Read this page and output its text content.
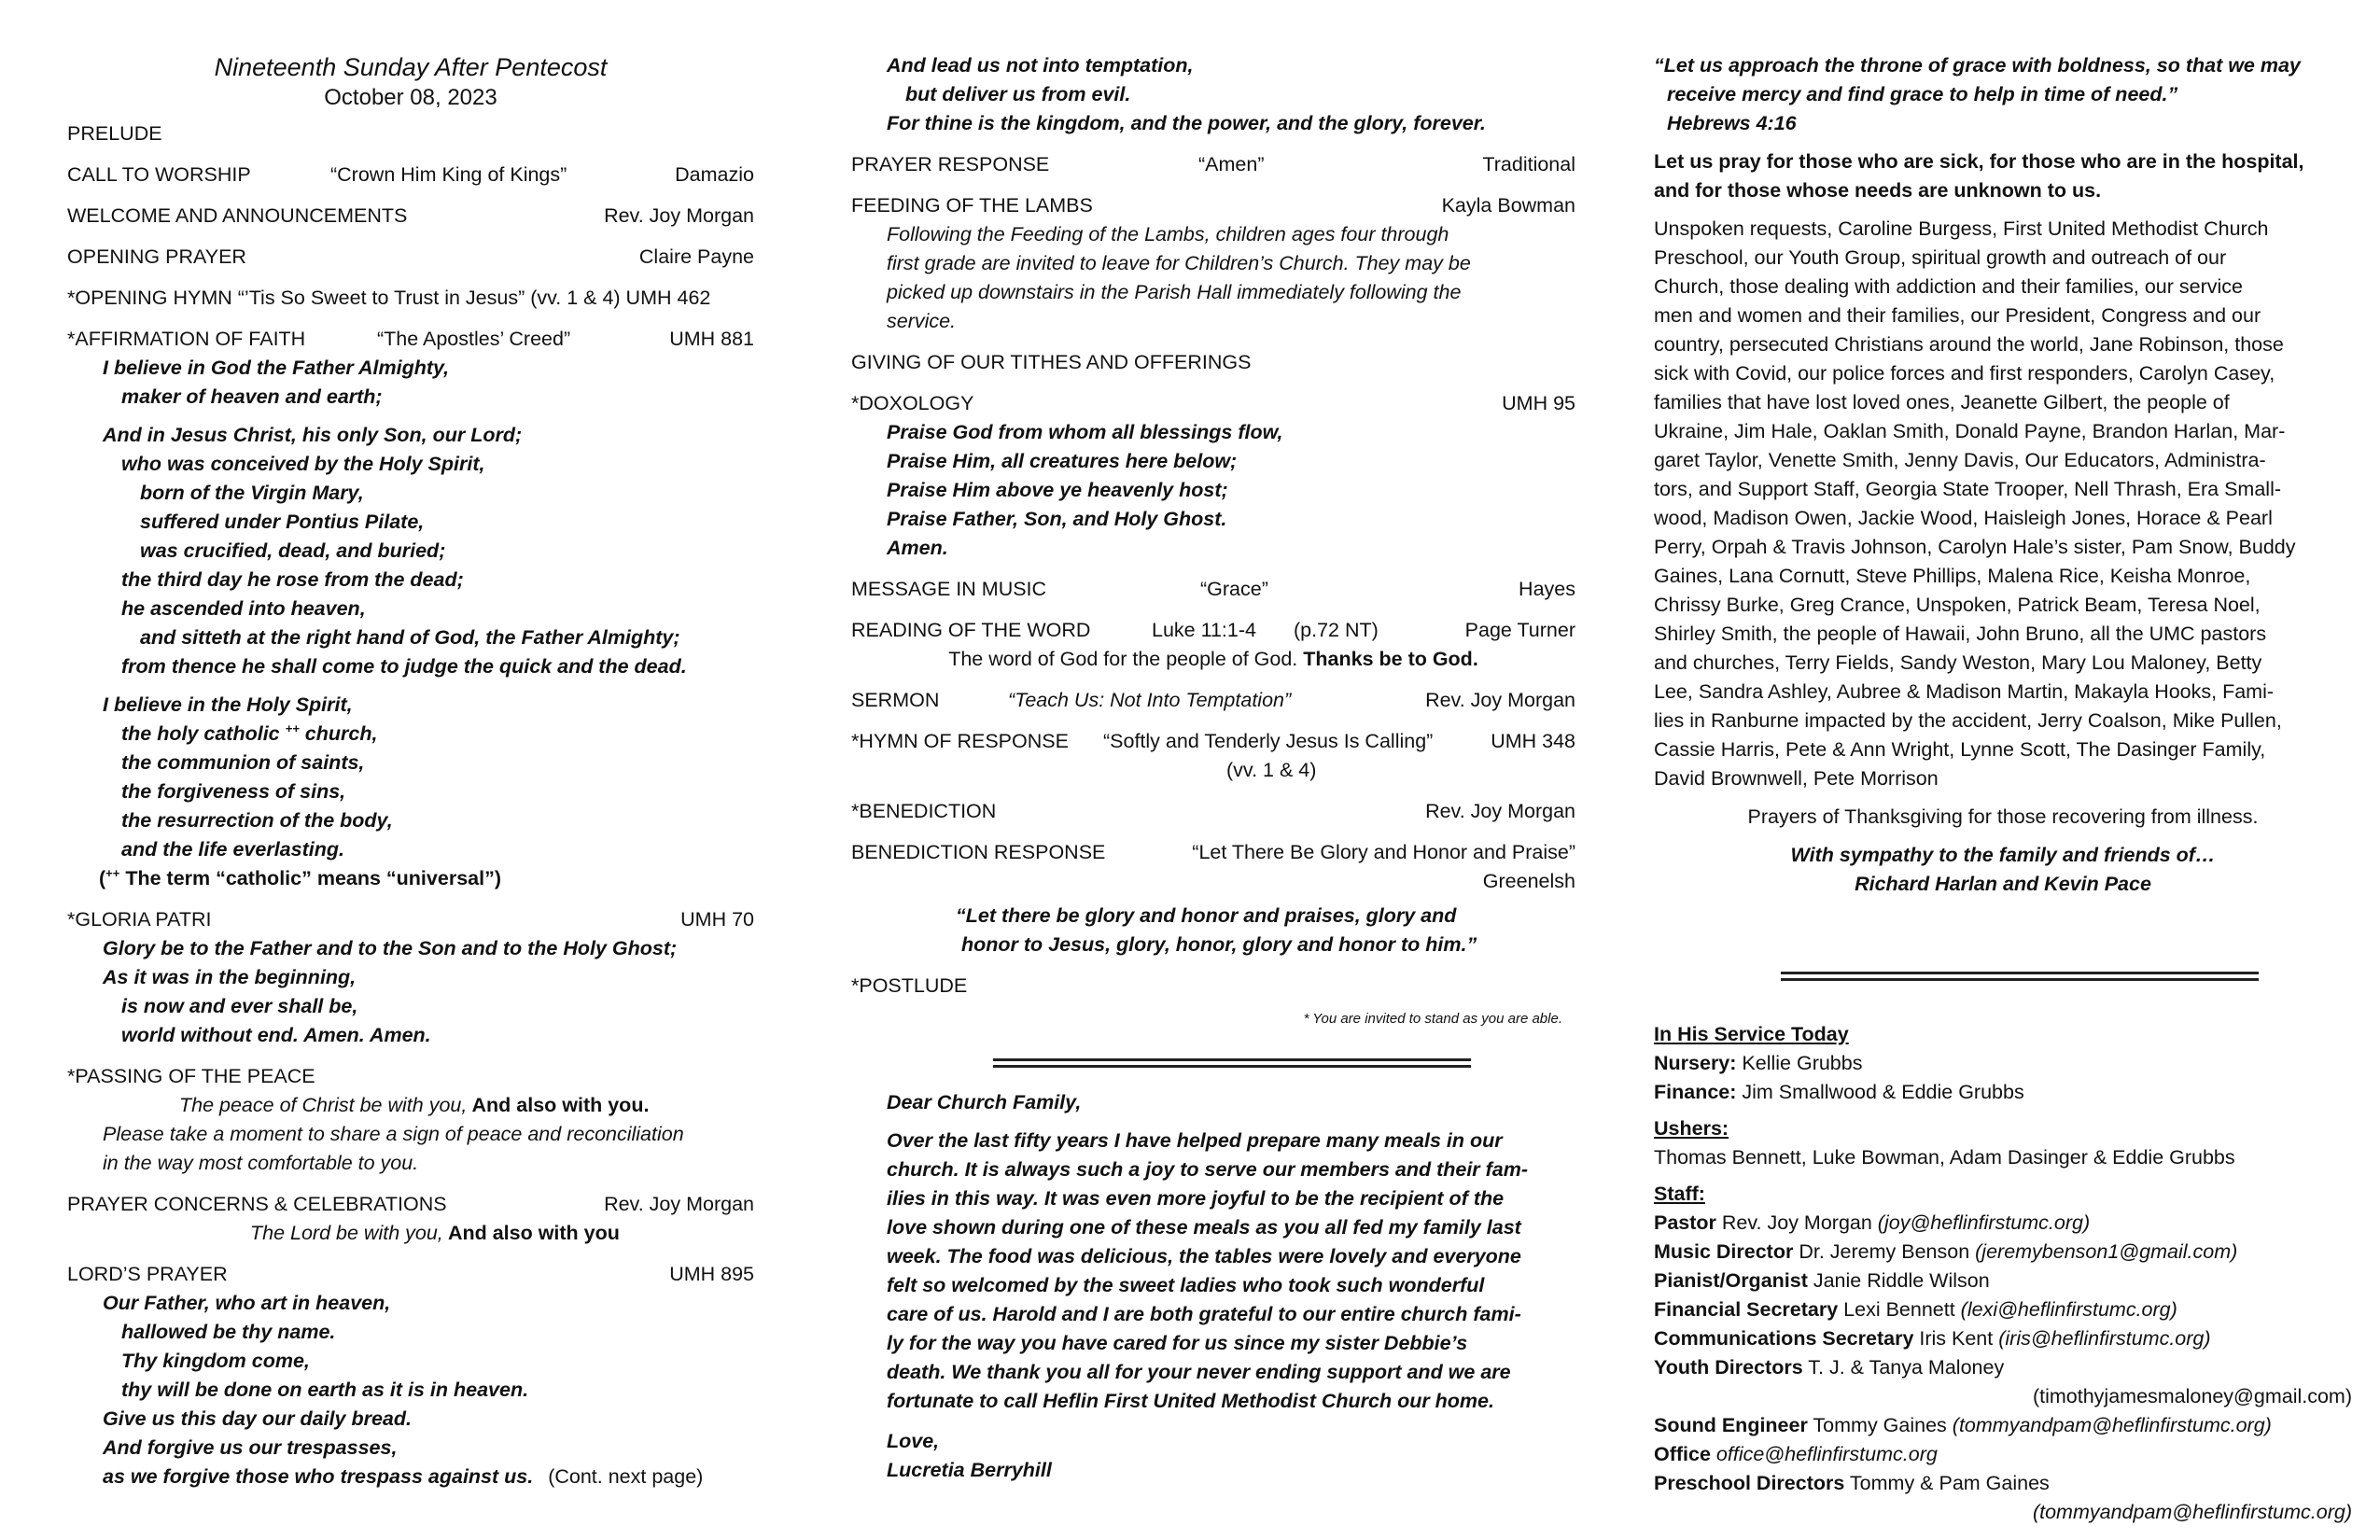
Nineteenth Sunday After Pentecost
October 08, 2023
PRELUDE
CALL TO WORSHIP	“Crown Him King of Kings”	Damazio
WELCOME AND ANNOUNCEMENTS	Rev. Joy Morgan
OPENING PRAYER	Claire Payne
*OPENING HYMN “’Tis So Sweet to Trust in Jesus” (vv. 1 & 4) UMH 462
*AFFIRMATION OF FAITH	“The Apostles’ Creed”	UMH 881
I believe in God the Father Almighty,
maker of heaven and earth;
And in Jesus Christ, his only Son, our Lord;
who was conceived by the Holy Spirit,
born of the Virgin Mary,
suffered under Pontius Pilate,
was crucified, dead, and buried;
the third day he rose from the dead;
he ascended into heaven,
and sitteth at the right hand of God, the Father Almighty;
from thence he shall come to judge the quick and the dead.
I believe in the Holy Spirit,
the holy catholic ++ church,
the communion of saints,
the forgiveness of sins,
the resurrection of the body,
and the life everlasting.
(++ The term “catholic” means “universal”)
*GLORIA PATRI	UMH 70
Glory be to the Father and to the Son and to the Holy Ghost;
As it was in the beginning,
is now and ever shall be,
world without end. Amen. Amen.
*PASSING OF THE PEACE
The peace of Christ be with you, And also with you.
Please take a moment to share a sign of peace and reconciliation
in the way most comfortable to you.
PRAYER CONCERNS & CELEBRATIONS	Rev. Joy Morgan
The Lord be with you, And also with you
LORD’S PRAYER	UMH 895
Our Father, who art in heaven,
hallowed be thy name.
Thy kingdom come,
thy will be done on earth as it is in heaven.
Give us this day our daily bread.
And forgive us our trespasses,
as we forgive those who trespass against us. (Cont. next page)
And lead us not into temptation,
but deliver us from evil.
For thine is the kingdom, and the power, and the glory, forever.
PRAYER RESPONSE	“Amen”	Traditional
FEEDING OF THE LAMBS	Kayla Bowman
Following the Feeding of the Lambs, children ages four through
first grade are invited to leave for Children’s Church. They may be
picked up downstairs in the Parish Hall immediately following the
service.
GIVING OF OUR TITHES AND OFFERINGS
*DOXOLOGY	UMH 95
Praise God from whom all blessings flow,
Praise Him, all creatures here below;
Praise Him above ye heavenly host;
Praise Father, Son, and Holy Ghost.
Amen.
MESSAGE IN MUSIC	“Grace”	Hayes
READING OF THE WORD	Luke 11:1-4 (p.72 NT)	Page Turner
The word of God for the people of God. Thanks be to God.
SERMON	“Teach Us: Not Into Temptation”	Rev. Joy Morgan
*HYMN OF RESPONSE “Softly and Tenderly Jesus Is Calling”	UMH 348
(vv. 1 & 4)
*BENEDICTION	Rev. Joy Morgan
BENEDICTION RESPONSE	“Let There Be Glory and Honor and Praise”
Greenelsh
“Let there be glory and honor and praises, glory and
honor to Jesus, glory, honor, glory and honor to him.”
*POSTLUDE
* You are invited to stand as you are able.
Dear Church Family,
Over the last fifty years I have helped prepare many meals in our
church. It is always such a joy to serve our members and their fam-
ilies in this way. It was even more joyful to be the recipient of the
love shown during one of these meals as you all fed my family last
week. The food was delicious, the tables were lovely and everyone
felt so welcomed by the sweet ladies who took such wonderful
care of us. Harold and I are both grateful to our entire church fami-
ly for the way you have cared for us since my sister Debbie’s
death. We thank you all for your never ending support and we are
fortunate to call Heflin First United Methodist Church our home.
Love,
Lucretia Berryhill
“Let us approach the throne of grace with boldness, so that we may
receive mercy and find grace to help in time of need.”
Hebrews 4:16
Let us pray for those who are sick, for those who are in the hospital,
and for those whose needs are unknown to us.
Unspoken requests, Caroline Burgess, First United Methodist Church
Preschool, our Youth Group, spiritual growth and outreach of our
Church, those dealing with addiction and their families, our service
men and women and their families, our President, Congress and our
country, persecuted Christians around the world, Jane Robinson, those
sick with Covid, our police forces and first responders, Carolyn Casey,
families that have lost loved ones, Jeanette Gilbert, the people of
Ukraine, Jim Hale, Oaklan Smith, Donald Payne, Brandon Harlan, Mar-
garet Taylor, Venette Smith, Jenny Davis, Our Educators, Administra-
tors, and Support Staff, Georgia State Trooper, Nell Thrash, Era Small-
wood, Madison Owen, Jackie Wood, Haisleigh Jones, Horace & Pearl
Perry, Orpah & Travis Johnson, Carolyn Hale’s sister, Pam Snow, Buddy
Gaines, Lana Cornutt, Steve Phillips, Malena Rice, Keisha Monroe,
Chrissy Burke, Greg Crance, Unspoken, Patrick Beam, Teresa Noel,
Shirley Smith, the people of Hawaii, John Bruno, all the UMC pastors
and churches, Terry Fields, Sandy Weston, Mary Lou Maloney, Betty
Lee, Sandra Ashley, Aubree & Madison Martin, Makayla Hooks, Fami-
lies in Ranburne impacted by the accident, Jerry Coalson, Mike Pullen,
Cassie Harris, Pete & Ann Wright, Lynne Scott, The Dasinger Family,
David Brownwell, Pete Morrison
Prayers of Thanksgiving for those recovering from illness.
With sympathy to the family and friends of…
Richard Harlan and Kevin Pace
In His Service Today
Nursery: Kellie Grubbs
Finance: Jim Smallwood & Eddie Grubbs
Ushers:
Thomas Bennett, Luke Bowman, Adam Dasinger & Eddie Grubbs
Staff:
Pastor Rev. Joy Morgan (joy@heflinfirstumc.org)
Music Director Dr. Jeremy Benson (jeremybenson1@gmail.com)
Pianist/Organist Janie Riddle Wilson
Financial Secretary Lexi Bennett (lexi@heflinfirstumc.org)
Communications Secretary Iris Kent (iris@heflinfirstumc.org)
Youth Directors T. J. & Tanya Maloney
(timothyjamesmaloney@gmail.com)
Sound Engineer Tommy Gaines (tommyandpam@heflinfirstumc.org)
Office office@heflinfirstumc.org
Preschool Directors Tommy & Pam Gaines
(tommyandpam@heflinfirstumc.org)
